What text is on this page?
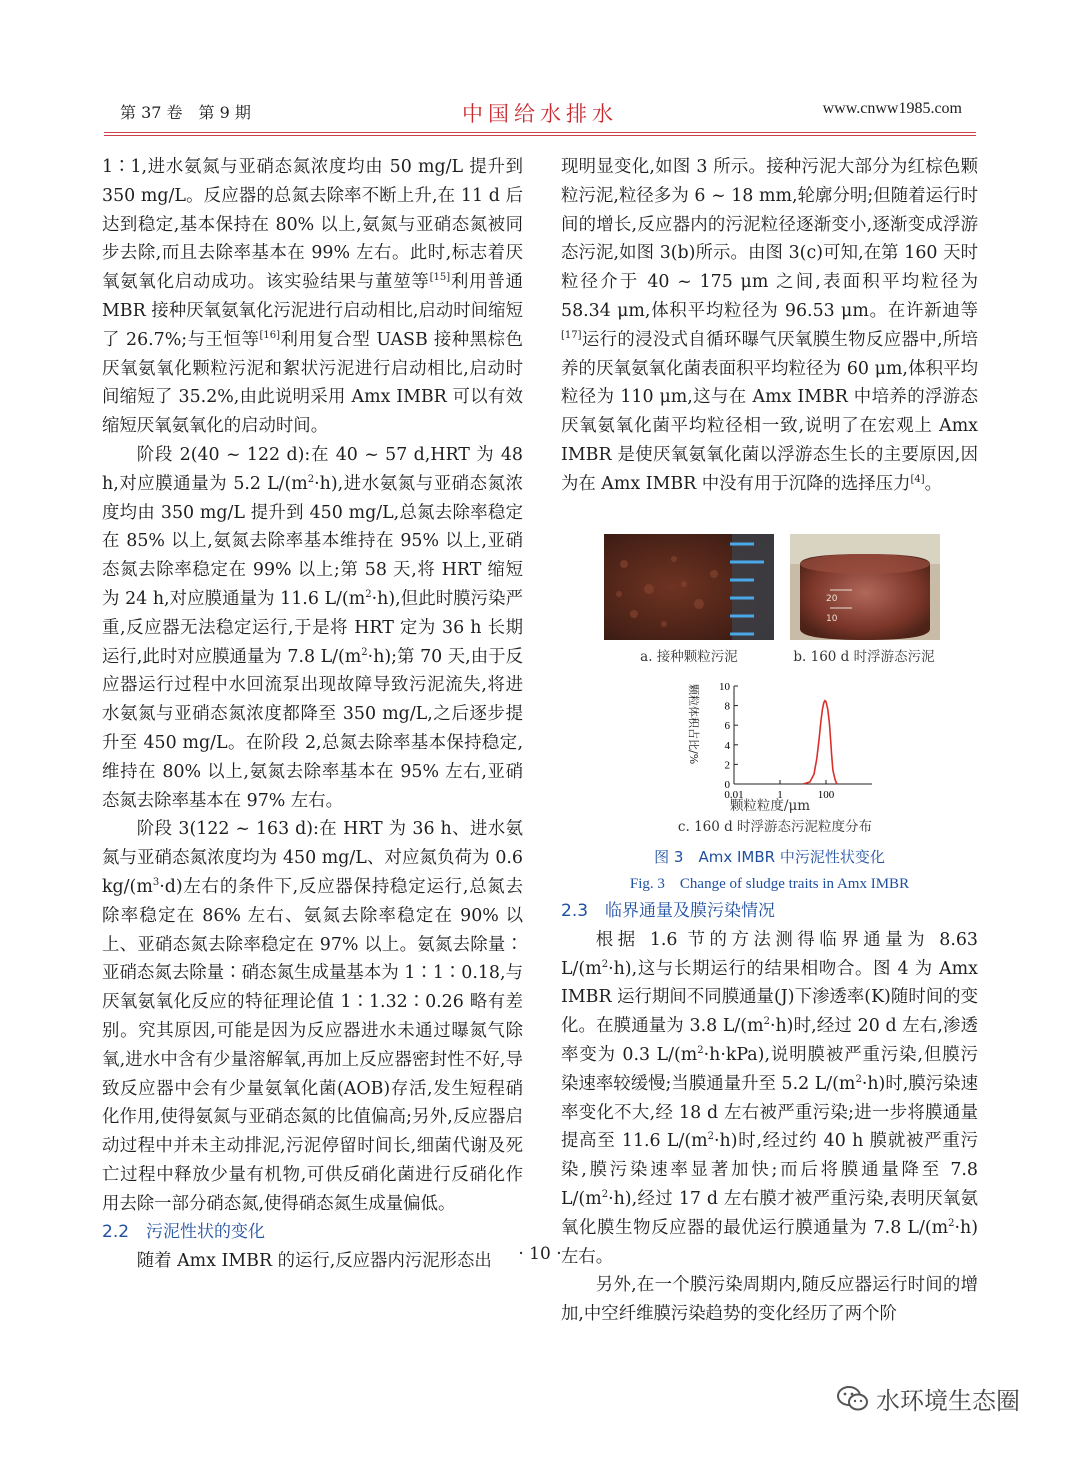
第 37 卷　第 9 期	中国给水排水	www.cnww1985.com

1∶1,进水氨氮与亚硝态氮浓度均由 50 mg/L 提升到 350 mg/L。反应器的总氮去除率不断上升,在 11 d 后达到稳定,基本保持在 80% 以上,氨氮与亚硝态氮被同步去除,而且去除率基本在 99% 左右。此时,标志着厌氧氨氧化启动成功。该实验结果与董堃等[15]利用普通 MBR 接种厌氧氨氧化污泥进行启动相比,启动时间缩短了 26.7%;与王恒等[16]利用复合型 UASB 接种黑棕色厌氧氨氧化颗粒污泥和絮状污泥进行启动相比,启动时间缩短了 35.2%,由此说明采用 Amx IMBR 可以有效缩短厌氧氨氧化的启动时间。

阶段 2(40 ~ 122 d):在 40 ~ 57 d,HRT 为 48 h,对应膜通量为 5.2 $L/(m^2\cdot h)$,进水氨氮与亚硝态氮浓度均由 350 mg/L 提升到 450 mg/L,总氮去除率稳定在 85% 以上,氨氮去除率基本维持在 95% 以上,亚硝态氮去除率稳定在 99% 以上;第 58 天,将 HRT 缩短为 24 h,对应膜通量为 11.6 $L/(m^2\cdot h)$,但此时膜污染严重,反应器无法稳定运行,于是将 HRT 定为 36 h 长期运行,此时对应膜通量为 7.8 $L/(m^2\cdot h)$;第 70 天,由于反应器运行过程中水回流泵出现故障导致污泥流失,将进水氨氮与亚硝态氮浓度都降至 350 mg/L,之后逐步提升至 450 mg/L。在阶段 2,总氮去除率基本保持稳定,维持在 80% 以上,氨氮去除率基本在 95% 左右,亚硝态氮去除率基本在 97% 左右。

阶段 3(122 ~ 163 d):在 HRT 为 36 h、进水氨氮与亚硝态氮浓度均为 450 mg/L、对应氮负荷为 0.6 $kg/(m^3\cdot d)$左右的条件下,反应器保持稳定运行,总氮去除率稳定在 86% 左右、氨氮去除率稳定在 90% 以上、亚硝态氮去除率稳定在 97% 以上。氨氮去除量∶亚硝态氮去除量∶硝态氮生成量基本为 1∶1∶0.18,与厌氧氨氧化反应的特征理论值 1∶1.32∶0.26 略有差别。究其原因,可能是因为反应器进水未通过曝氮气除氧,进水中含有少量溶解氧,再加上反应器密封性不好,导致反应器中会有少量氨氧化菌(AOB)存活,发生短程硝化作用,使得氨氮与亚硝态氮的比值偏高;另外,反应器启动过程中并未主动排泥,污泥停留时间长,细菌代谢及死亡过程中释放少量有机物,可供反硝化菌进行反硝化作用去除一部分硝态氮,使得硝态氮生成量偏低。

2.2　污泥性状的变化

随着 Amx IMBR 的运行,反应器内污泥形态出

现明显变化,如图 3 所示。接种污泥大部分为红棕色颗粒污泥,粒径多为 6 ~ 18 mm,轮廓分明;但随着运行时间的增长,反应器内的污泥粒径逐渐变小,逐渐变成浮游态污泥,如图 3(b)所示。由图 3(c)可知,在第 160 天时粒径介于 40 ~ 175 μm 之间,表面积平均粒径为 58.34 μm,体积平均粒径为 96.53 μm。在许新迪等[17]运行的浸没式自循环曝气厌氧膜生物反应器中,所培养的厌氧氨氧化菌表面积平均粒径为 60 μm,体积平均粒径为 110 μm,这与在 Amx IMBR 中培养的浮游态厌氧氨氧化菌平均粒径相一致,说明了在宏观上 Amx IMBR 是使厌氧氨氧化菌以浮游态生长的主要原因,因为在 Amx IMBR 中没有用于沉降的选择压力[4]。

20
10
a. 接种颗粒污泥	b. 160 d 时浮游态污泥
颗粒体积占比/%
0
2
4
6
8
10
0.01	1	100
颗粒粒度/μm
c. 160 d 时浮游态污泥粒度分布
图 3　Amx IMBR 中污泥性状变化
Fig. 3　Change of sludge traits in Amx IMBR

2.3　临界通量及膜污染情况

根据 1.6 节的方法测得临界通量为 8.63 $L/(m^2\cdot h)$,这与长期运行的结果相吻合。图 4 为 Amx IMBR 运行期间不同膜通量(J)下渗透率(K)随时间的变化。在膜通量为 3.8 $L/(m^2\cdot h)$时,经过 20 d 左右,渗透率变为 0.3 $L/(m^2\cdot h\cdot kPa)$,说明膜被严重污染,但膜污染速率较缓慢;当膜通量升至 5.2 $L/(m^2\cdot h)$时,膜污染速率变化不大,经 18 d 左右被严重污染;进一步将膜通量提高至 11.6 $L/(m^2\cdot h)$时,经过约 40 h 膜就被严重污染,膜污染速率显著加快;而后将膜通量降至 7.8 $L/(m^2\cdot h)$,经过 17 d 左右膜才被严重污染,表明厌氧氨氧化膜生物反应器的最优运行膜通量为 7.8 $L/(m^2\cdot h)$左右。

另外,在一个膜污染周期内,随反应器运行时间的增加,中空纤维膜污染趋势的变化经历了两个阶

· 10 ·
水环境生态圈
